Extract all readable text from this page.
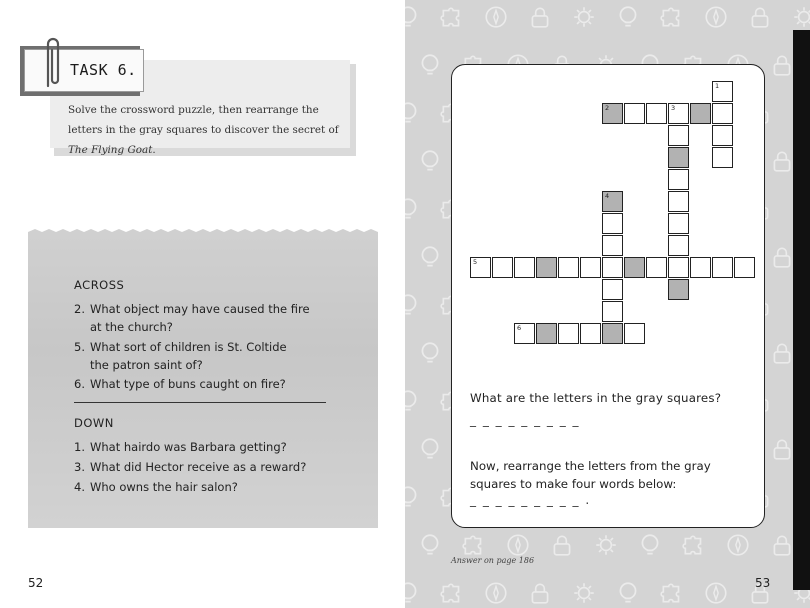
TASK 6.
Solve the crossword puzzle, then rearrange the letters in the gray squares to discover the secret of The Flying Goat.
ACROSS
2. What object may have caused the fire
at the church?
5. What sort of children is St. Coltide
the patron saint of?
6. What type of buns caught on fire?
DOWN
1. What hairdo was Barbara getting?
3. What did Hector receive as a reward?
4. Who owns the hair salon?
52
1
2	3
4
5
6
What are the letters in the gray squares?
_ _ _ _ _ _ _ _ _
Now, rearrange the letters from the gray squares to make four words below:
_ _ _ _ _ _ _ _ _ .
Answer on page 186
53
